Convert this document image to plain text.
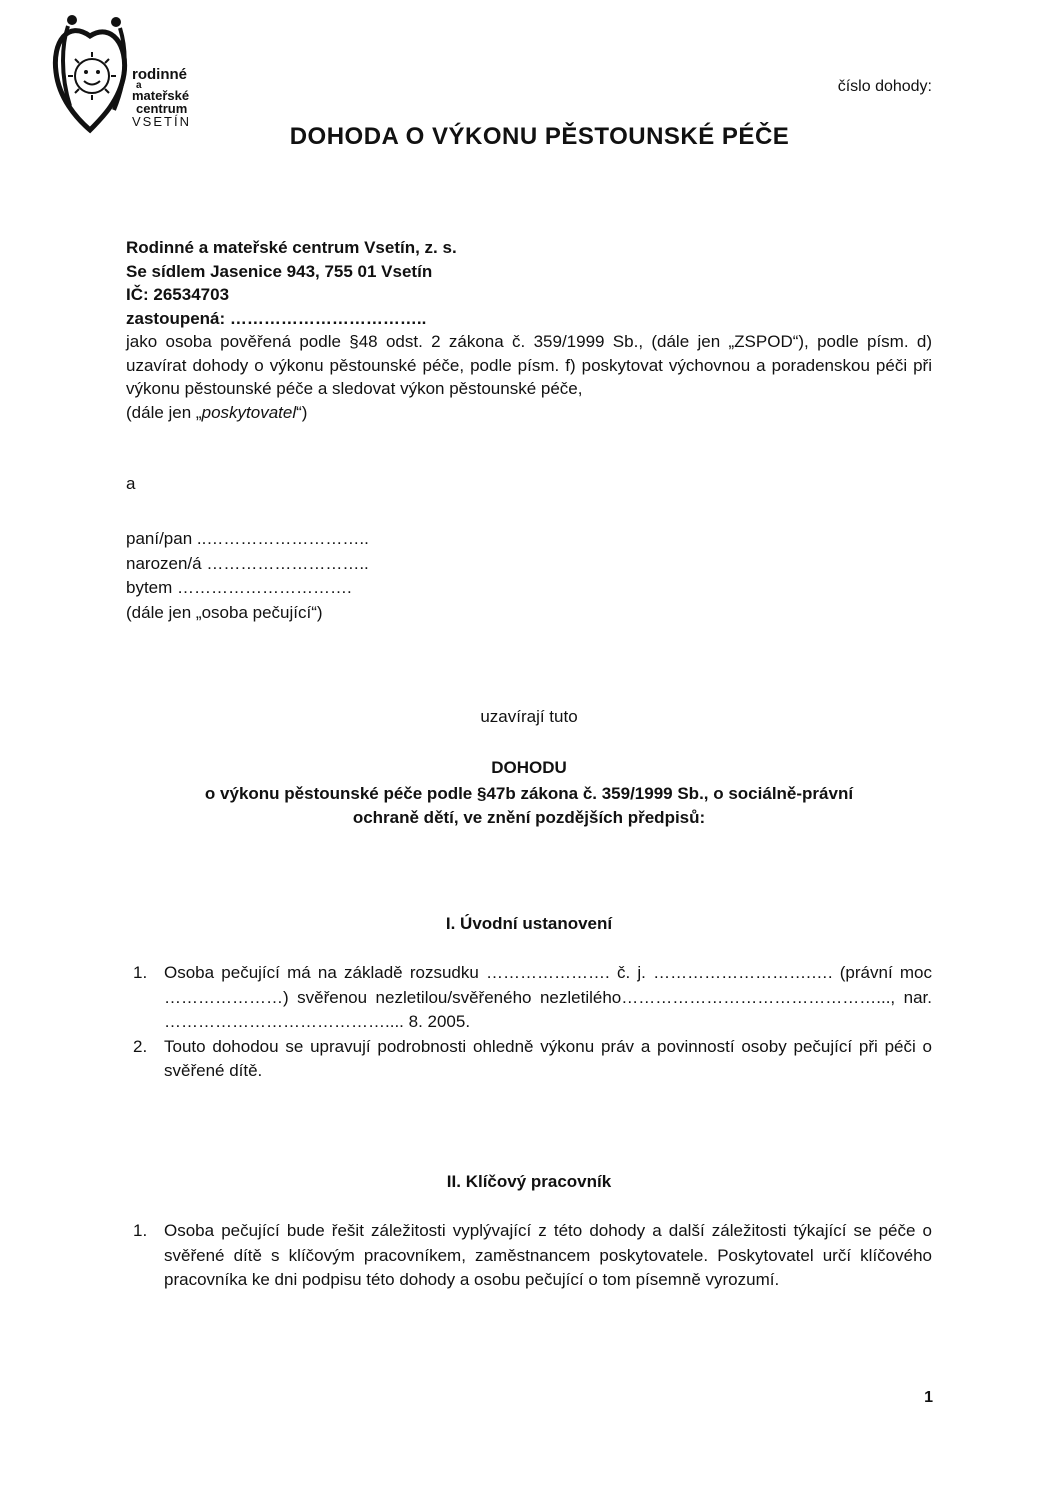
rodinné
a
mateřské
centrum
VSETÍN
číslo dohody:
DOHODA O VÝKONU PĚSTOUNSKÉ PÉČE
Rodinné a mateřské centrum Vsetín, z. s.
Se sídlem Jasenice 943, 755 01 Vsetín
IČ: 26534703
zastoupená: ……………………………..
jako osoba pověřená podle §48 odst. 2 zákona č. 359/1999 Sb., (dále jen „ZSPOD“), podle písm. d) uzavírat dohody o výkonu pěstounské péče, podle písm. f) poskytovat výchovnou a poradenskou péči při výkonu pěstounské péče a sledovat výkon pěstounské péče,
(dále jen „poskytovatel“)
a
paní/pan ..………………………..
narozen/á ………………………..
bytem ………………………….
(dále jen „osoba pečující“)
uzavírají tuto
DOHODU
o výkonu pěstounské péče podle §47b zákona č. 359/1999 Sb., o sociálně-právní
ochraně dětí, ve znění pozdějších předpisů:
I. Úvodní ustanovení
1. Osoba pečující má na základě rozsudku …………………. č. j. ……………………….…. (právní moc …………………) svěřenou nezletilou/svěřeného nezletilého………………………………………..., nar. ………………………………….... 8. 2005.
2. Touto dohodou se upravují podrobnosti ohledně výkonu práv a povinností osoby pečující při péči o svěřené dítě.
II. Klíčový pracovník
1. Osoba pečující bude řešit záležitosti vyplývající z této dohody a další záležitosti týkající se péče o svěřené dítě s klíčovým pracovníkem, zaměstnancem poskytovatele. Poskytovatel určí klíčového pracovníka ke dni podpisu této dohody a osobu pečující o tom písemně vyrozumí.
1
